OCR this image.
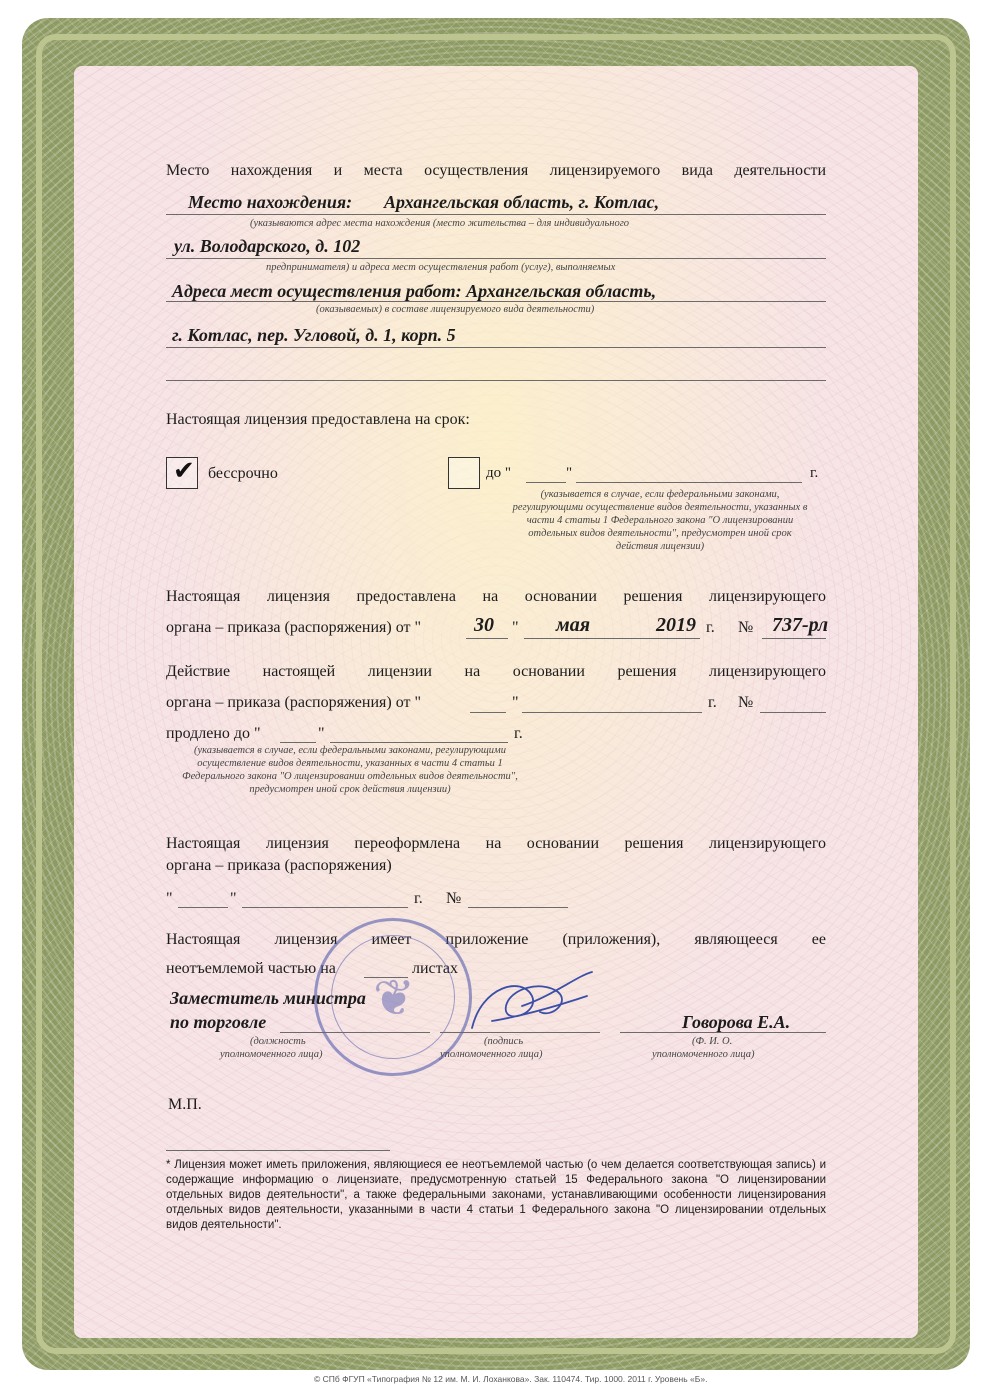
Место нахождения и места осуществления лицензируемого вида деятельности
Место нахождения: Архангельская область, г. Котлас,
(указываются адрес места нахождения (место жительства – для индивидуального
ул. Володарского, д. 102
предпринимателя) и адреса мест осуществления работ (услуг), выполняемых
Адреса мест осуществления работ: Архангельская область,
(оказываемых) в составе лицензируемого вида деятельности)
г. Котлас, пер. Угловой, д. 1, корп. 5
Настоящая лицензия предоставлена на срок:
✔ бессрочно	до "	"	г.
(указывается в случае, если федеральными законами, регулирующими осуществление видов деятельности, указанных в части 4 статьи 1 Федерального закона "О лицензировании отдельных видов деятельности", предусмотрен иной срок действия лицензии)
Настоящая лицензия предоставлена на основании решения лицензирующего
органа – приказа (распоряжения) от "	30 " мая	2019 г. № 737-рл
Действие настоящей лицензии на основании решения лицензирующего
органа – приказа (распоряжения) от "	"	г. №
продлено до "	"	г.
(указывается в случае, если федеральными законами, регулирующими осуществление видов деятельности, указанных в части 4 статьи 1 Федерального закона "О лицензировании отдельных видов деятельности", предусмотрен иной срок действия лицензии)
Настоящая лицензия переоформлена на основании решения лицензирующего
органа – приказа (распоряжения)
"	"	г. №
Настоящая лицензия имеет приложение (приложения), являющееся ее
неотъемлемой частью на	листах
❦
Заместитель министра
по торговле
(должность
уполномоченного лица)
(подпись
уполномоченного лица)
Говорова Е.А.
(Ф. И. О.
уполномоченного лица)
М.П.
* Лицензия может иметь приложения, являющиеся ее неотъемлемой частью (о чем делается соответствующая запись) и содержащие информацию о лицензиате, предусмотренную статьей 15 Федерального закона "О лицензировании отдельных видов деятельности", а также федеральными законами, устанавливающими особенности лицензирования отдельных видов деятельности, указанными в части 4 статьи 1 Федерального закона "О лицензировании отдельных видов деятельности".
© СПб ФГУП «Типография № 12 им. М. И. Лоханкова». Зак. 110474. Тир. 1000. 2011 г. Уровень «Б».
